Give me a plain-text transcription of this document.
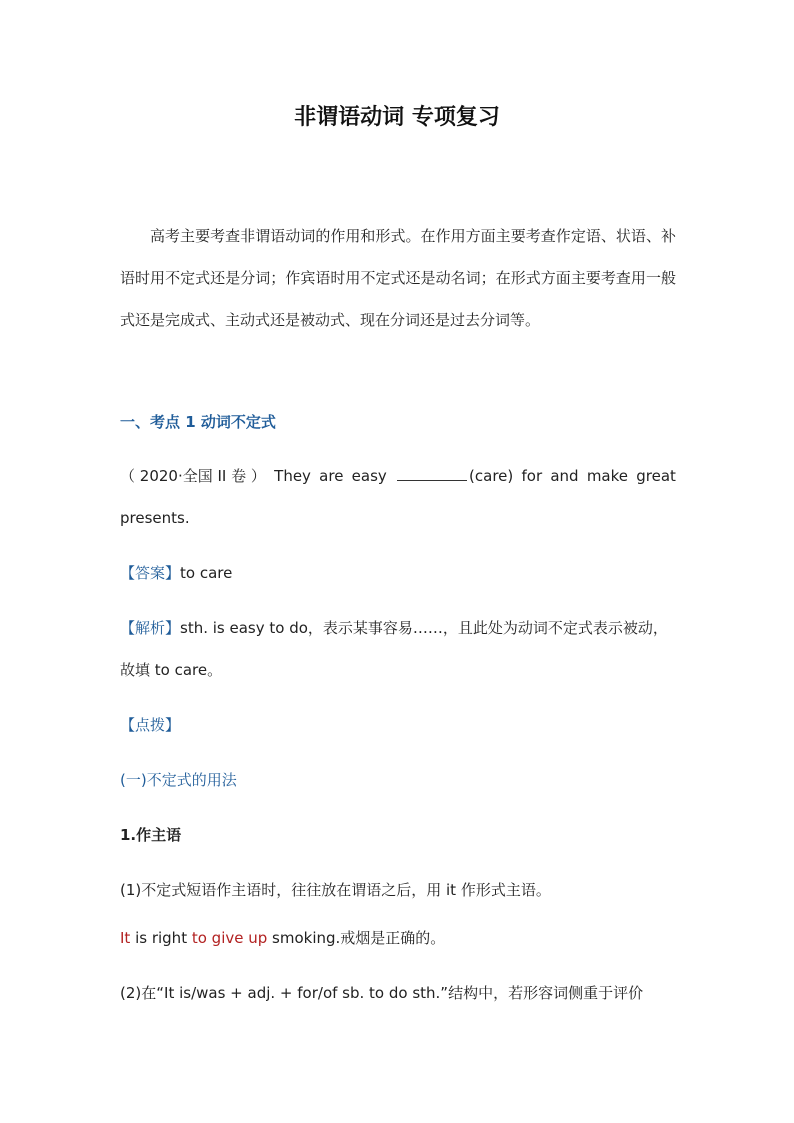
非谓语动词 专项复习
高考主要考查非谓语动词的作用和形式。在作用方面主要考查作定语、状语、补语时用不定式还是分词；作宾语时用不定式还是动名词；在形式方面主要考查用一般式还是完成式、主动式还是被动式、现在分词还是过去分词等。
一、考点 1 动词不定式
（ 2020·全国 II 卷 ） They are easy	(care) for and make great
presents.
【答案】to care
【解析】sth. is easy to do，表示某事容易……，且此处为动词不定式表示被动，
故填 to care。
【点拨】
(一)不定式的用法
1.作主语
(1)不定式短语作主语时，往往放在谓语之后，用 it 作形式主语。
It is right to give up smoking.戒烟是正确的。
(2)在“It is/was + adj. + for/of sb. to do sth.”结构中，若形容词侧重于评价
